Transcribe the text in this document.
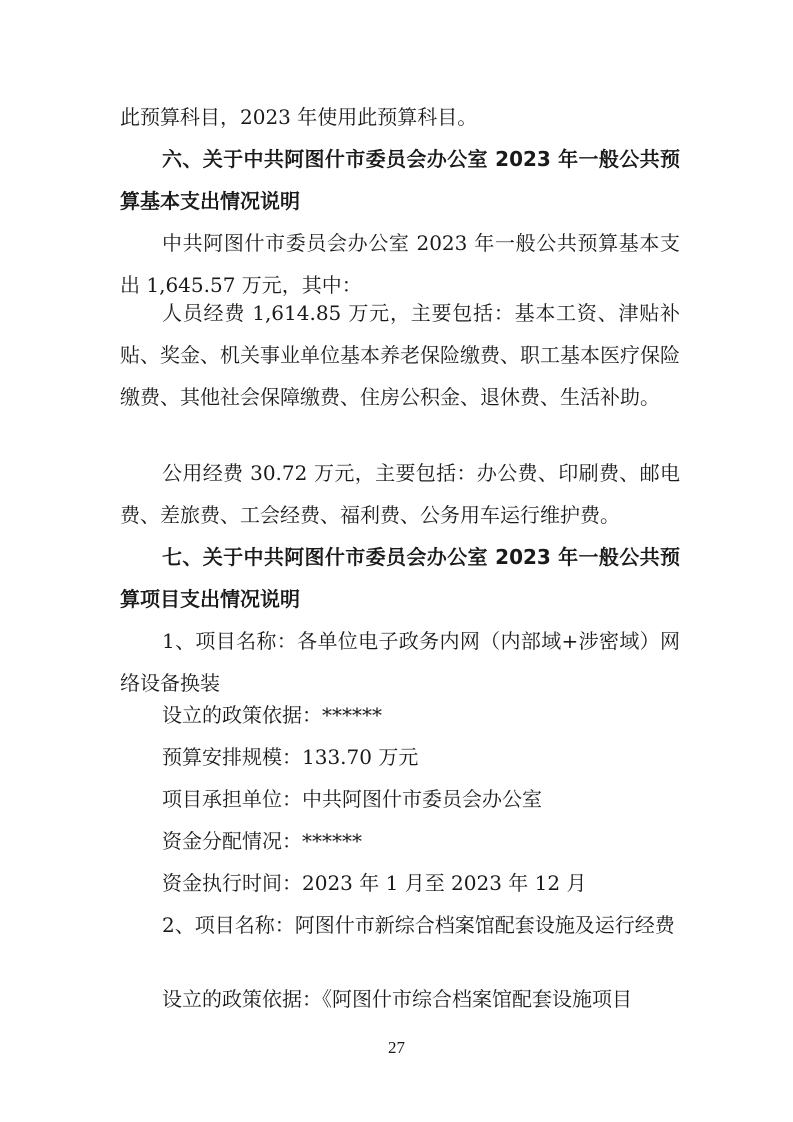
此预算科目，2023 年使用此预算科目。
六、关于中共阿图什市委员会办公室 2023 年一般公共预算基本支出情况说明
中共阿图什市委员会办公室 2023 年一般公共预算基本支出 1,645.57 万元，其中：
人员经费 1,614.85 万元，主要包括：基本工资、津贴补贴、奖金、机关事业单位基本养老保险缴费、职工基本医疗保险缴费、其他社会保障缴费、住房公积金、退休费、生活补助。
公用经费 30.72 万元，主要包括：办公费、印刷费、邮电费、差旅费、工会经费、福利费、公务用车运行维护费。
七、关于中共阿图什市委员会办公室 2023 年一般公共预算项目支出情况说明
1、项目名称：各单位电子政务内网（内部域+涉密域）网络设备换装
设立的政策依据：******
预算安排规模：133.70 万元
项目承担单位：中共阿图什市委员会办公室
资金分配情况：******
资金执行时间：2023 年 1 月至 2023 年 12 月
2、项目名称：阿图什市新综合档案馆配套设施及运行经费
设立的政策依据：《阿图什市综合档案馆配套设施项目
27
